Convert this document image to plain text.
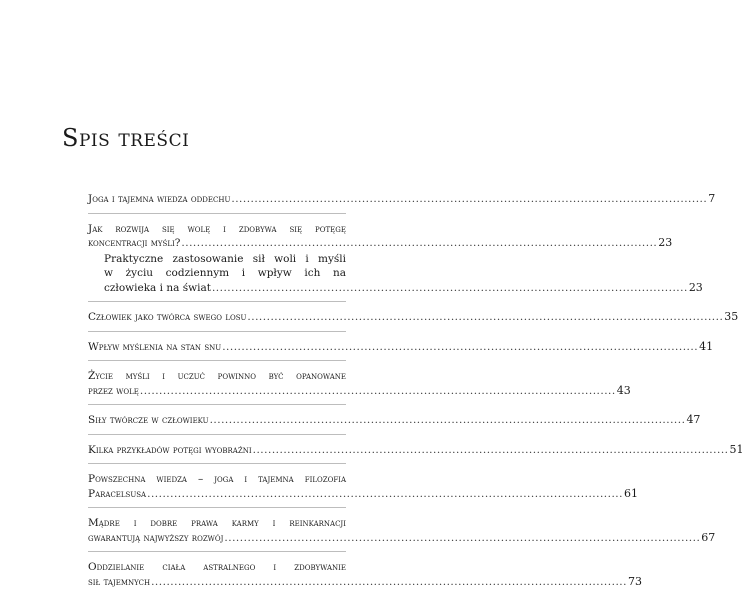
Spis treści
Joga i tajemna wiedza oddechu .....	7
Jak rozwija się wolę i zdobywa się potęgę
koncentracji myśli? .....	23
Praktyczne zastosowanie sił woli i myśli
w życiu codziennym i wpływ ich na
człowieka i na świat .....	23
Człowiek jako twórca swego losu .....	35
Wpływ myślenia na stan snu .....	41
Życie myśli i uczuć powinno być opanowane
przez wolę .....	43
Siły twórcze w człowieku .....	47
Kilka przykładów potęgi wyobraźni .....	51
Powszechna wiedza – joga i tajemna filozofia
Paracelsusa .....	61
Mądre i dobre prawa karmy i reinkarnacji
gwarantują najwyższy rozwój .....	67
Oddzielanie ciała astralnego i zdobywanie
sił tajemnych .....	73
